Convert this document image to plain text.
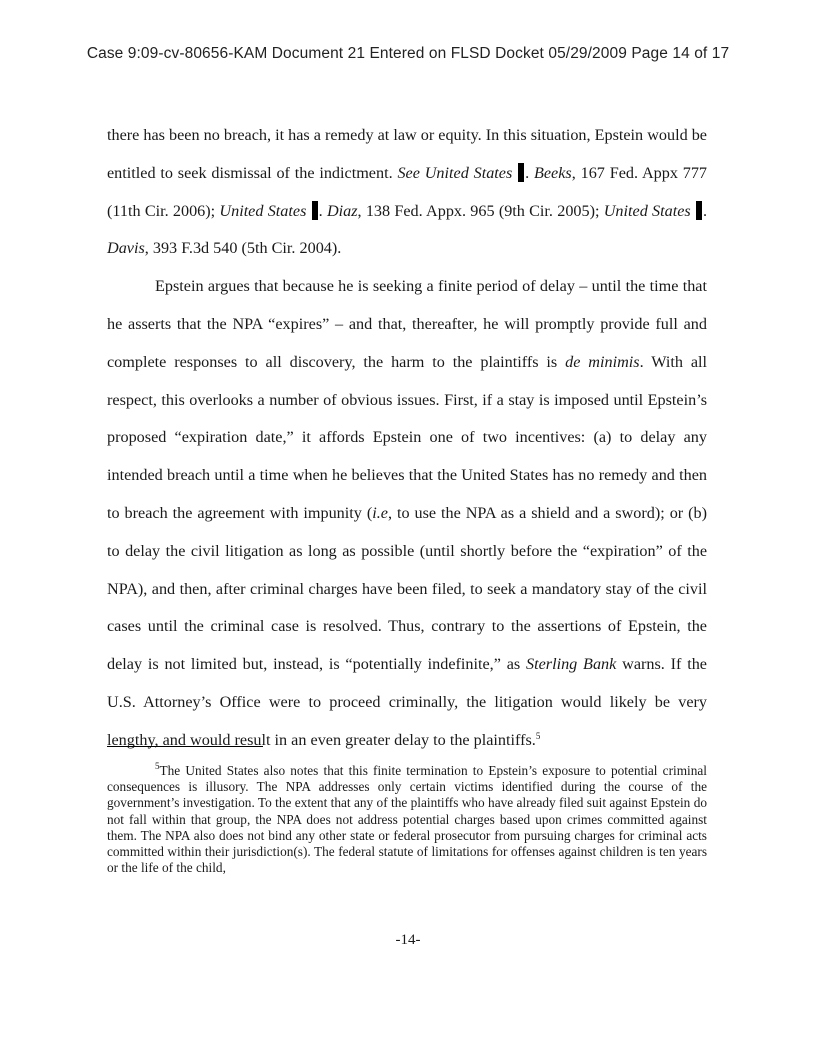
Case 9:09-cv-80656-KAM Document 21 Entered on FLSD Docket 05/29/2009 Page 14 of 17

there has been no breach, it has a remedy at law or equity. In this situation, Epstein would be entitled to seek dismissal of the indictment. See United States . Beeks, 167 Fed. Appx 777 (11th Cir. 2006); United States . Diaz, 138 Fed. Appx. 965 (9th Cir. 2005); United States . Davis, 393 F.3d 540 (5th Cir. 2004).

Epstein argues that because he is seeking a finite period of delay – until the time that he asserts that the NPA “expires” – and that, thereafter, he will promptly provide full and complete responses to all discovery, the harm to the plaintiffs is de minimis. With all respect, this overlooks a number of obvious issues. First, if a stay is imposed until Epstein’s proposed “expiration date,” it affords Epstein one of two incentives: (a) to delay any intended breach until a time when he believes that the United States has no remedy and then to breach the agreement with impunity (i.e, to use the NPA as a shield and a sword); or (b) to delay the civil litigation as long as possible (until shortly before the “expiration” of the NPA), and then, after criminal charges have been filed, to seek a mandatory stay of the civil cases until the criminal case is resolved. Thus, contrary to the assertions of Epstein, the delay is not limited but, instead, is “potentially indefinite,” as Sterling Bank warns. If the U.S. Attorney’s Office were to proceed criminally, the litigation would likely be very lengthy, and would result in an even greater delay to the plaintiffs.$^5$

$^5$The United States also notes that this finite termination to Epstein’s exposure to potential criminal consequences is illusory. The NPA addresses only certain victims identified during the course of the government’s investigation. To the extent that any of the plaintiffs who have already filed suit against Epstein do not fall within that group, the NPA does not address potential charges based upon crimes committed against them. The NPA also does not bind any other state or federal prosecutor from pursuing charges for criminal acts committed within their jurisdiction(s). The federal statute of limitations for offenses against children is ten years or the life of the child,
-14-
